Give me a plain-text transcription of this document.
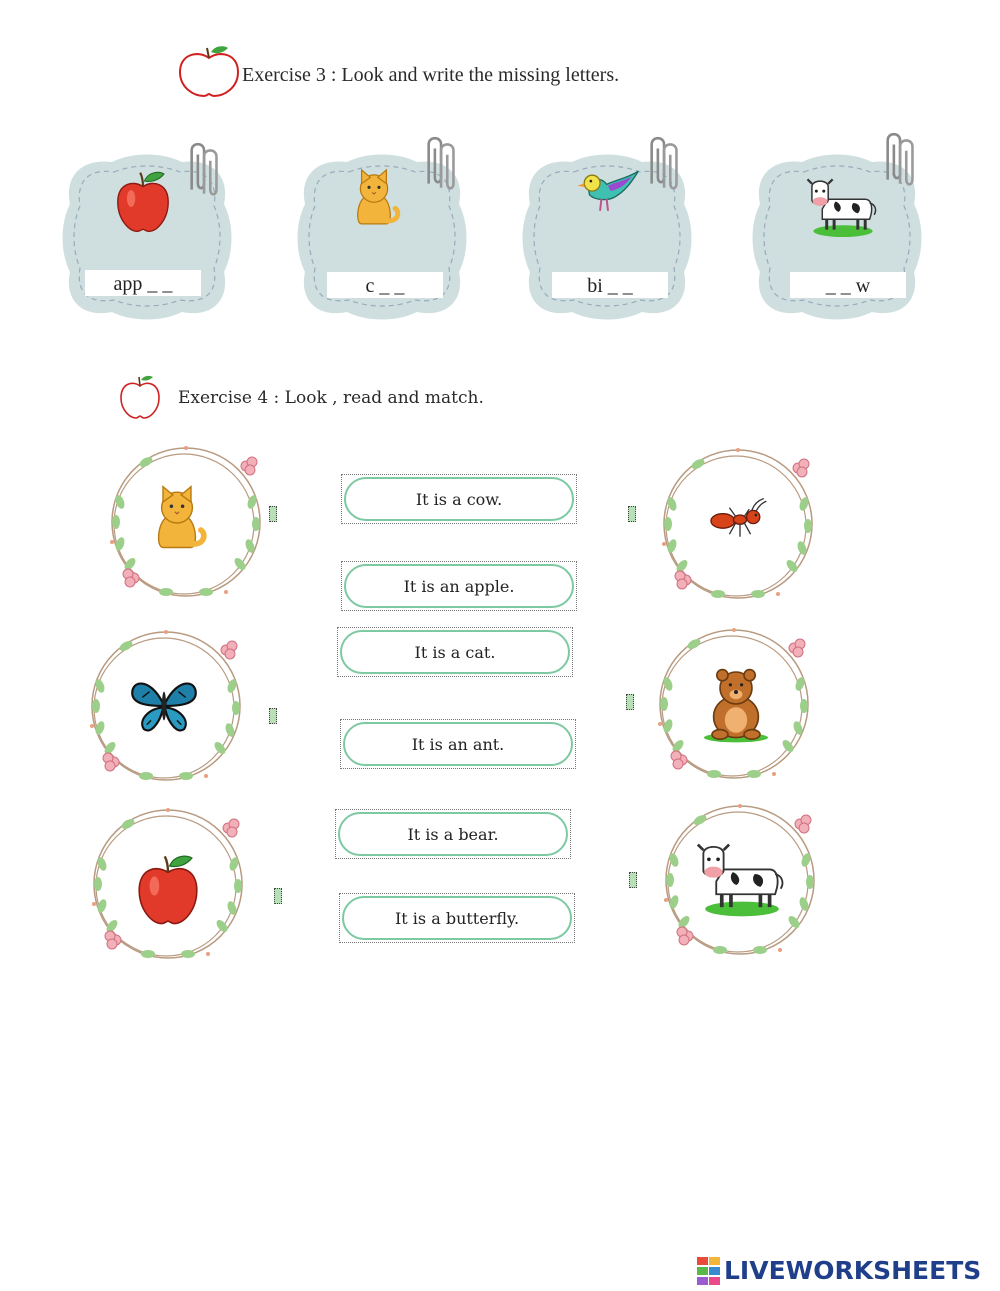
Exercise 3 : Look and write the missing letters.
app _ _	c _ _	bi _ _	_ _ w
Exercise 4 : Look , read and match.
It is a cow.
It is an apple.
It is a cat.
It is an ant.
It is a bear.
It is a butterfly.
LIVEWORKSHEETS
